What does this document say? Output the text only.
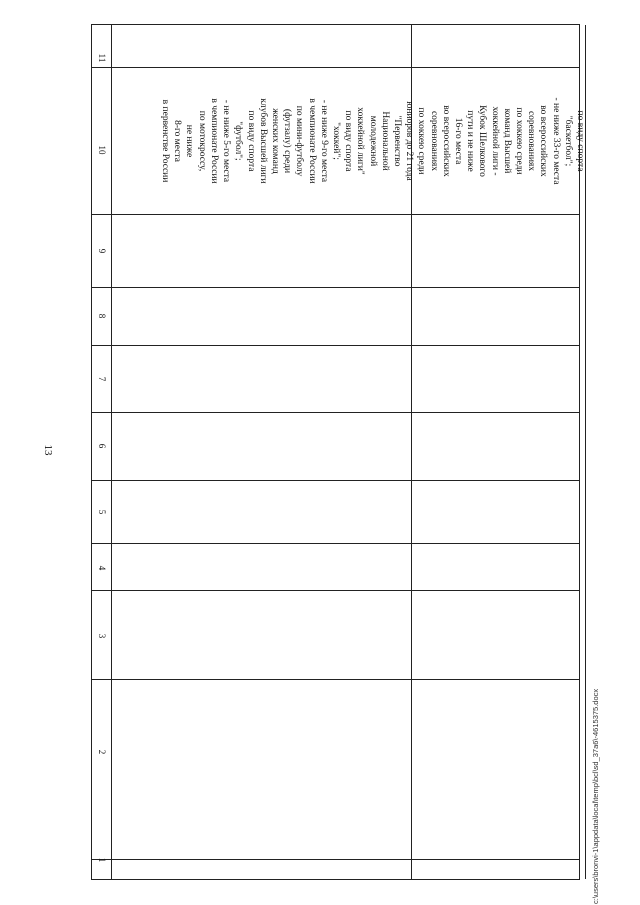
13
c:\users\bronvi-1\appdata\local\temp\bcl\sd_37a6\-4615375.docx
1
2
3
4
5
6
7
8
9
10
11
по виду спорта
"баскетбол";
- не ниже 33-го места
во всероссийских
соревнованиях
по хоккею среди
команд Высшей
хоккейной лиги -
Кубок Шелкового
пути и не ниже
16-го места
во всероссийских
соревнованиях
по хоккею среди
юниоров до 21 года
"Первенство
Национальной
молодежной
хоккейной лиги"
по виду спорта
"хоккей";
- не ниже 9-го места
в чемпионате России
по мини-футболу
(футзалу) среди
женских команд
клубов Высшей лиги
по виду спорта
"футбол";
- не ниже 5-го места
в чемпионате России
по мотокроссу,
не ниже
8-го места
в первенстве России
